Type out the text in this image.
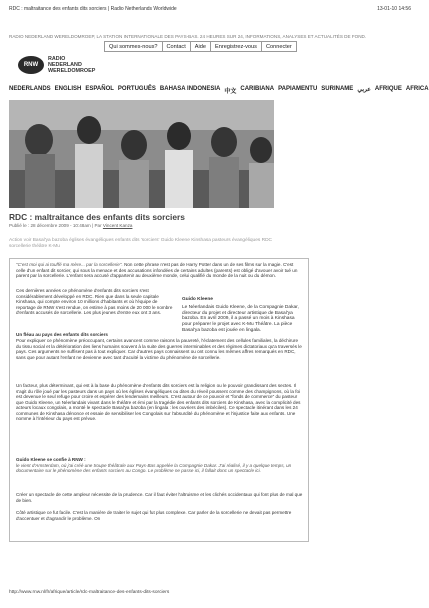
RDC : maltraitance des enfants dits sorciers | Radio Netherlands Worldwide	13-01-10 14:56
RADIO NEDERLAND WERELDOMROEP, LA STATION INTERNATIONALE DES PAYS-BAS. 24 HEURES SUR 24, INFORMATIONS, ANALYSES ET ACTUALITÉS DE FOND.
Qui sommes-nous?	Contact	Aide	Enregistrez-vous	Connecter
RNW
RADIO
NEDERLAND
WERELDOMROEP
NEDERLANDS ENGLISH ESPAÑOL PORTUGUÊS BAHASA INDONESIA 中文 CARIBIANA PAPIAMENTU SURINAME عربي AFRIQUE AFRICA
RDC : maltraitance des enfants dits sorciers
Publié le : 28 décembre 2009 - 10:48am | Par Vincent Kanza
Action voir Basal'ya bazoba églises évangéliques enfants dits 'sorciers' Guido Kleene Kinshasa pasteurs évangéliques RDC sorcellerie théâtre K-Mu
"C'est moi qui ai touffé ma mère... par la sorcellerie". Non cette phrase n'est pas de Harry Potter dans un de ses films sur la magie. C'est celle d'un enfant dit sorcier, qui sous la menace et des accusations infondées de certains adultes (parents) est obligé d'avouer avoir tué un parent par la sorcellerie. L'enfant sera accusé d'appartenir au deuxième monde, celui qualifié du monde de la nuit ou du démon.
Ces dernières années ce phénomène d'enfants dits sorciers s'est considérablement développé en RDC. Rien que dans la seule capitale Kinshasa, qui compte environ 10 millions d'habitants et où l'équipe de reportage de RNW s'est rendue, on estime à pas moins de 20 000 le nombre d'enfants accusés de sorcellerie. Les plus jeunes d'entre eux ont 3 ans.
Guido Kleene
Le Néerlandais Guido Kleene, de la Compagnie Dakar, directeur du projet et directeur artistique de Basal'ya bazoba. En avril 2009, il a passé un mois à Kinshasa pour préparer le projet avec K-Mu Théâtre. La pièce Basal'ya bazoba est jouée en lingala.
Un fléau au pays des enfants dits sorciers
Pour expliquer ce phénomène préoccupant, certains avancent comme raisons la pauvreté, l'éclatement des cellules familiales, la déchirure du tissu social et la détérioration des liens humains souvent à la suite des guerres interminables et des régimes dictatoriaux qu'a traversés le pays. Ces arguments ne suffisent pas à tout expliquer. Car d'autres pays connaissent ou ont connu les mêmes affres remarqués en RDC, sans que pour autant l'enfant ne devienne avec tant d'acuité la victime du phénomène de sorcellerie.
Un facteur, plus déterminant, qui est à la base du phénomène d'enfants dits sorciers est la religion ou le pouvoir grandissant des sectes. Il s'agit du rôle joué par les pasteurs dans un pays où les églises évangéliques ou dites du réveil poussent comme des champignons, où la foi est devenue le seul refuge pour croire et espérer des lendemains meilleurs. C'est autour de ce pouvoir et "fonds de commerce" du pasteur que Guido Kleene, un Néerlandais vivant dans le théâtre et émi par la tragédie des enfants dits sorciers de Kinshasa, avec la complicité des acteurs locaux congolais, a monté le spectacle Basal'ya bazoba (en lingala : les ouvriers des imbéciles). Ce spectacle itinérant dans les 24 communes de Kinshasa dénonce et essaie de sensibiliser les Congolais sur l'absurdité du phénomène et l'injustice faite aux enfants. Une nomme à l'intérieur du pays est prévue.
Guido Kleene se confie à RNW :
le vient d'Amsterdam, où j'ai créé une troupe théâtrale aux Pays-Bas appelée la Compagnie Dakar. J'ai réalisé, il y a quelque temps, un documentaire sur le phénomène des enfants sorciers au Congo. Le problème ne passe ici, il fallait donc un spectacle ici.
Créer un spectacle de cette ampleur nécessite de la prudence. Car il faut éviter l'altruisme et les clichés occidentaux qui font plus de mal que de bien.
Côté artistique ce fut facile. C'est la manière de traiter le sujet qui fut plus complexe. Car parler de la sorcellerie ne devait pas permettre d'accentuer et d'agrandir le problème. On
http://www.rnw.nl/fr/afrique/article/rdc-maltraitance-des-enfants-dits-sorciers
